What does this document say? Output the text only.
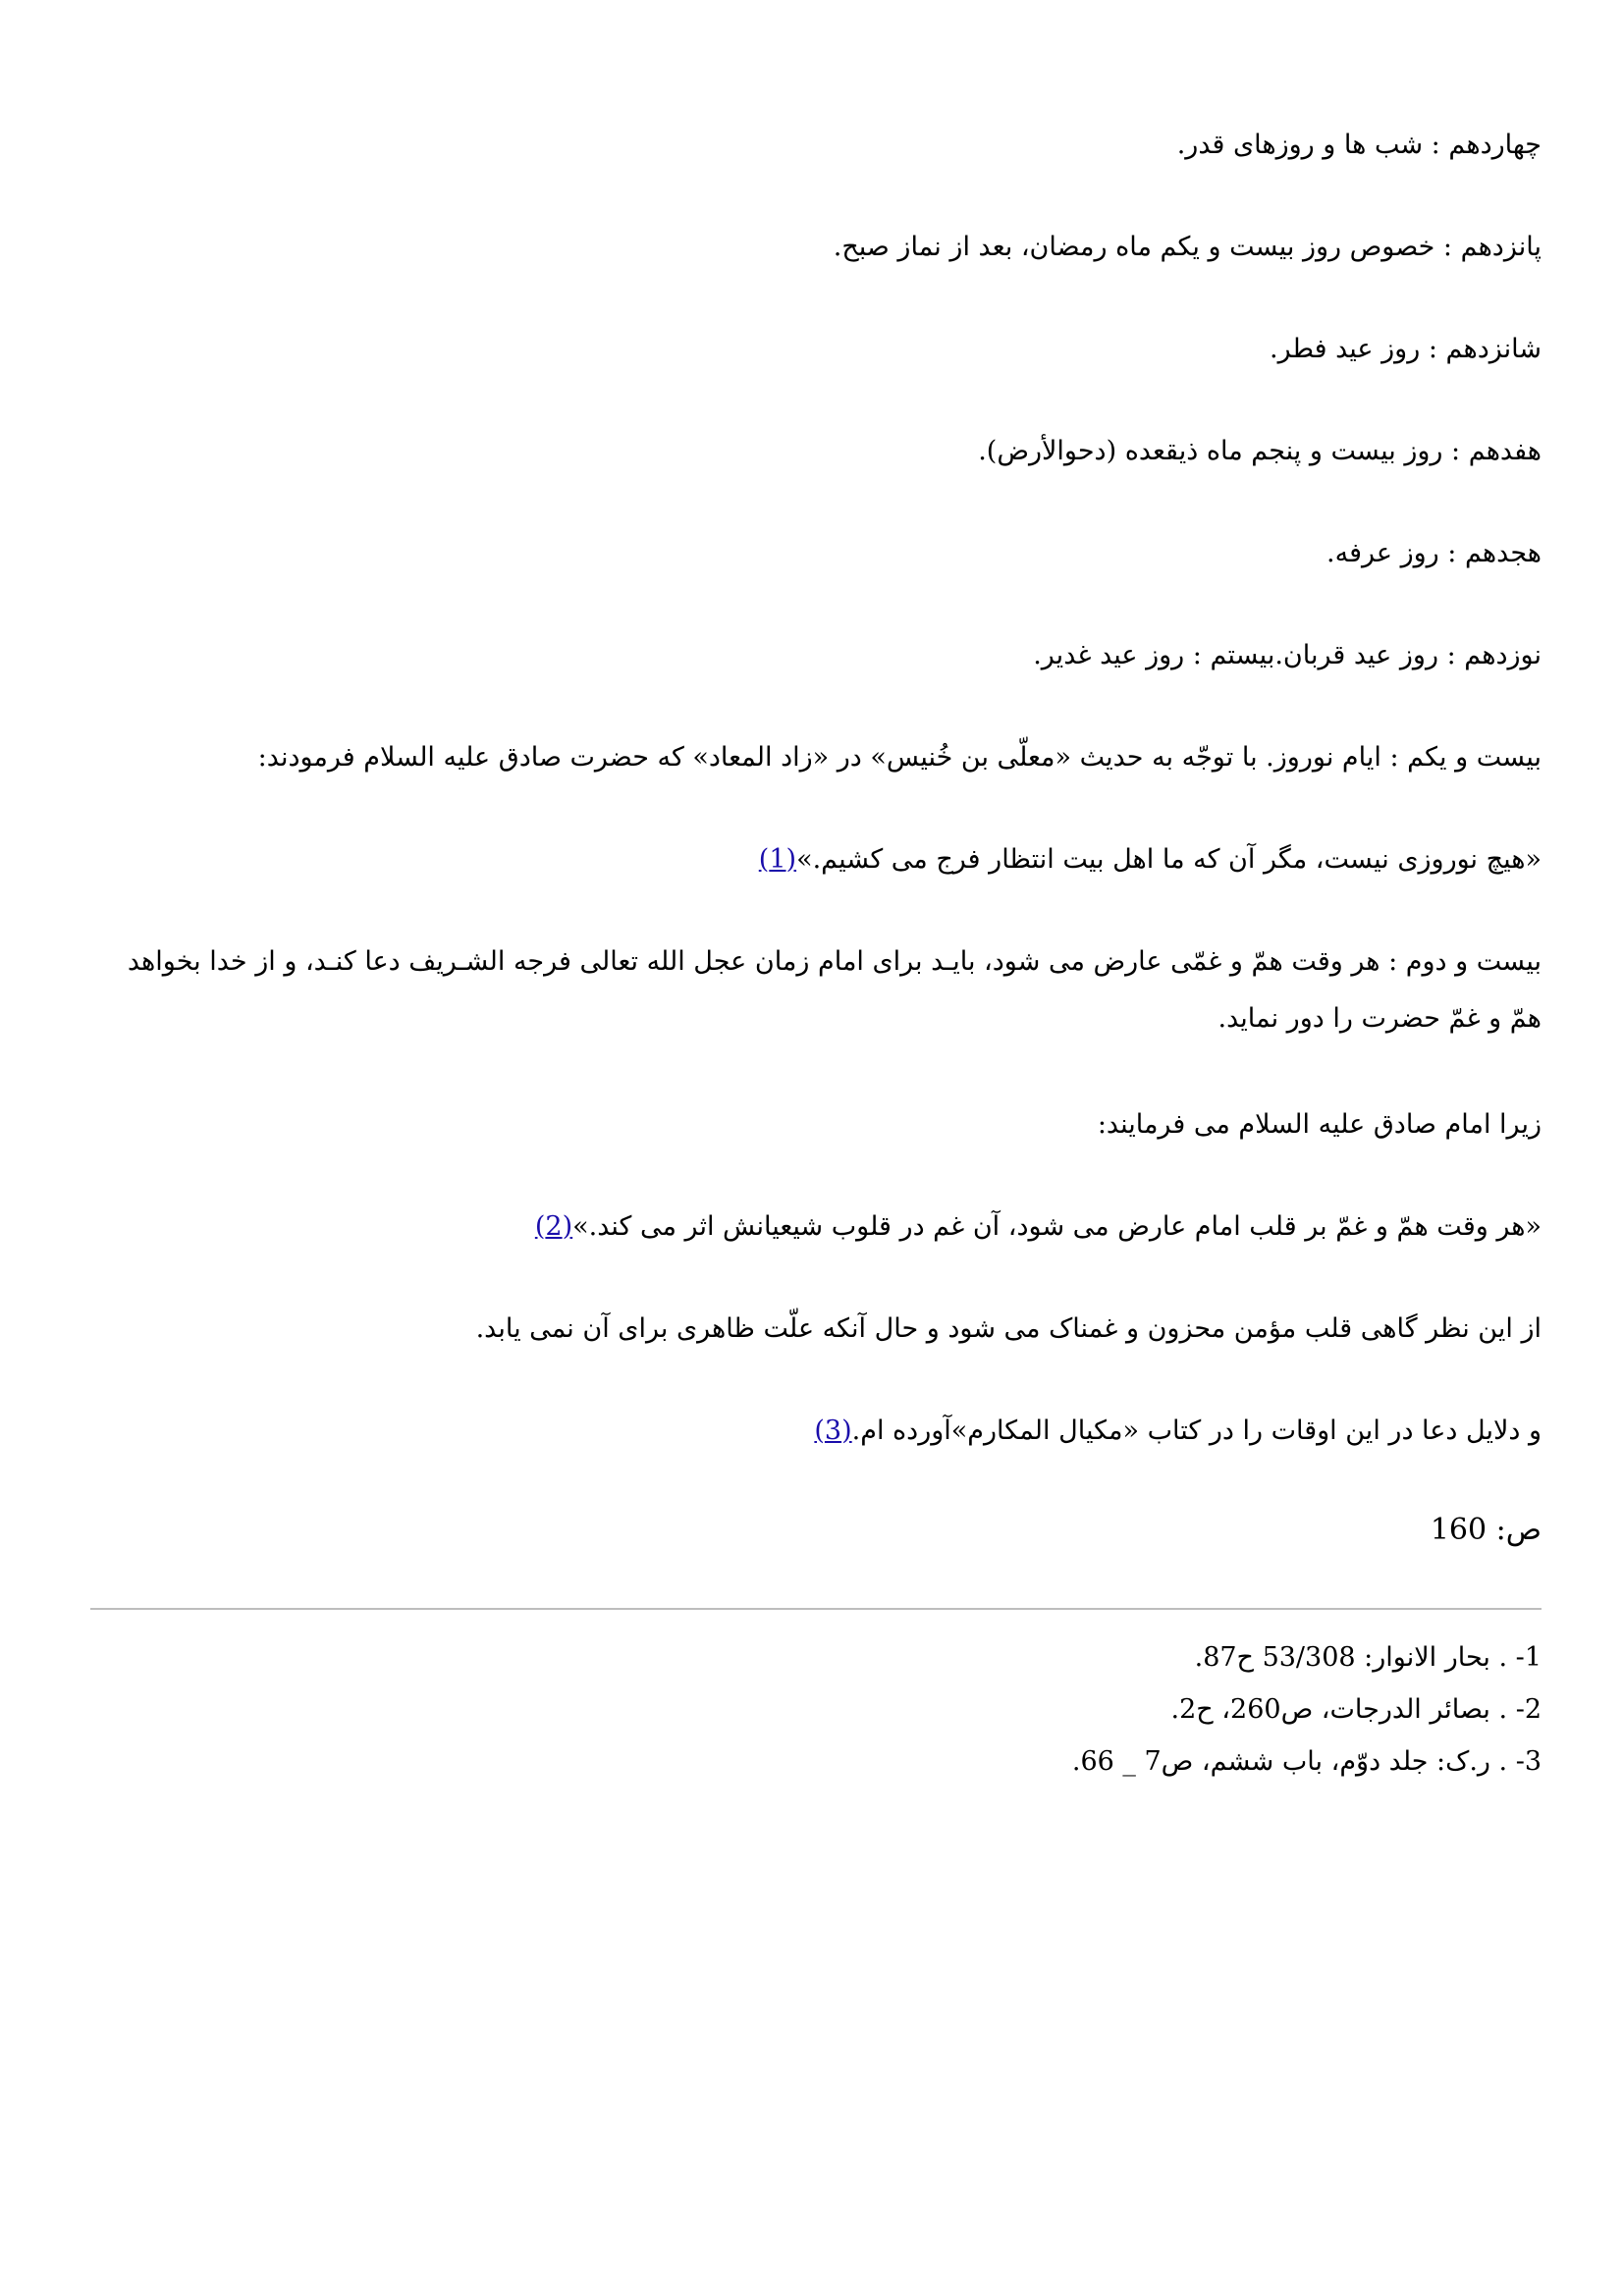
چهاردهم : شب ها و روزهای قدر.

پانزدهم : خصوص روز بیست و یکم ماه رمضان، بعد از نماز صبح.

شانزدهم : روز عید فطر.

هفدهم : روز بیست و پنجم ماه ذیقعده (دحوالأرض).

هجدهم : روز عرفه.

نوزدهم : روز عید قربان.بیستم : روز عید غدیر.

بیست و یکم : ایام نوروز. با توجّه به حدیث «معلّی بن خُنیس» در «زاد المعاد» که حضرت صادق علیه السلام فرمودند:

«هیچ نوروزی نیست، مگر آن که ما اهل بیت انتظار فرج می کشیم.»(1)

بیست و دوم : هر وقت همّ و غمّی عارض می شود، بایـد برای امام زمان عجل الله تعالی فرجه الشـریف دعا کنـد، و از خدا بخواهد همّ و غمّ حضرت را دور نماید.

زیرا امام صادق علیه السلام می فرمایند:

«هر وقت همّ و غمّ بر قلب امام عارض می شود، آن غم در قلوب شیعیانش اثر می کند.»(2)

از این نظر گاهی قلب مؤمن محزون و غمناک می شود و حال آنکه علّت ظاهری برای آن نمی یابد.

و دلایل دعا در این اوقات را در کتاب «مکیال المکارم»آورده ام.(3)

ص: 160

1- . بحار الانوار: 53/308 ح87.

2- . بصائر الدرجات، ص260، ح2.

3- . ر.ک: جلد دوّم، باب ششم، ص7 _ 66.
